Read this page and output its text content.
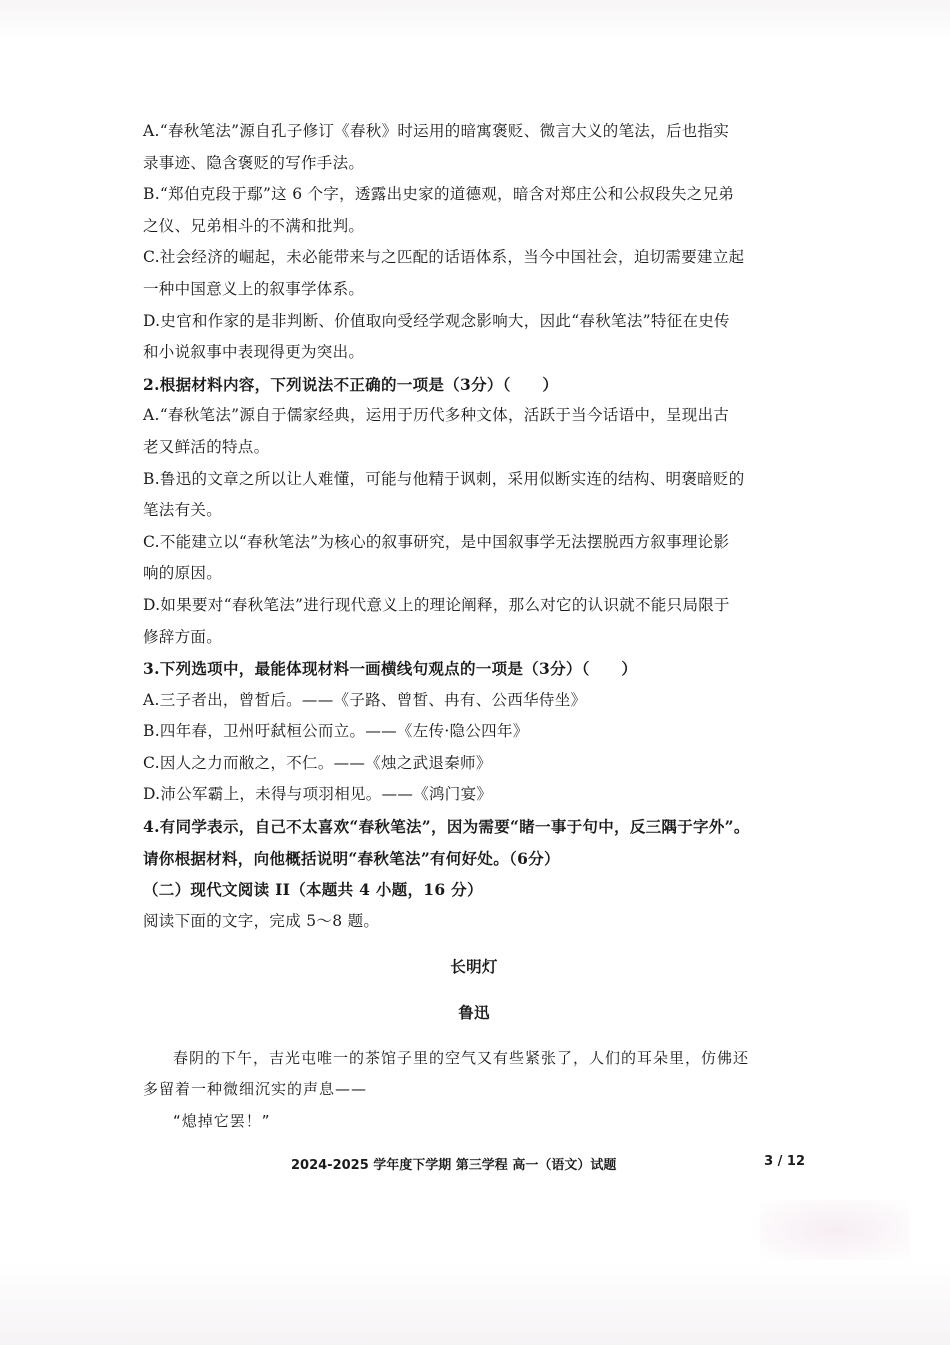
A.“春秋笔法”源自孔子修订《春秋》时运用的暗寓褒贬、微言大义的笔法，后也指实

录事迹、隐含褒贬的写作手法。

B.“郑伯克段于鄢”这 6 个字，透露出史家的道德观，暗含对郑庄公和公叔段失之兄弟

之仪、兄弟相斗的不满和批判。

C.社会经济的崛起，未必能带来与之匹配的话语体系，当今中国社会，迫切需要建立起

一种中国意义上的叙事学体系。

D.史官和作家的是非判断、价值取向受经学观念影响大，因此“春秋笔法”特征在史传

和小说叙事中表现得更为突出。

2.根据材料内容，下列说法不正确的一项是（3分）（　　）

A.“春秋笔法”源自于儒家经典，运用于历代多种文体，活跃于当今话语中，呈现出古

老又鲜活的特点。

B.鲁迅的文章之所以让人难懂，可能与他精于讽刺，采用似断实连的结构、明褒暗贬的

笔法有关。

C.不能建立以“春秋笔法”为核心的叙事研究，是中国叙事学无法摆脱西方叙事理论影

响的原因。

D.如果要对“春秋笔法”进行现代意义上的理论阐释，那么对它的认识就不能只局限于

修辞方面。

3.下列选项中，最能体现材料一画横线句观点的一项是（3分）（　　）

A.三子者出，曾皙后。——《子路、曾皙、冉有、公西华侍坐》

B.四年春，卫州吁弑桓公而立。——《左传·隐公四年》

C.因人之力而敝之，不仁。——《烛之武退秦师》

D.沛公军霸上，未得与项羽相见。——《鸿门宴》

4.有同学表示，自己不太喜欢“春秋笔法”，因为需要“睹一事于句中，反三隅于字外”。

请你根据材料，向他概括说明“春秋笔法”有何好处。（6分）

（二）现代文阅读 II（本题共 4 小题，16 分）

阅读下面的文字，完成 5～8 题。

长明灯

鲁迅

春阴的下午，吉光屯唯一的茶馆子里的空气又有些紧张了，人们的耳朵里，仿佛还

多留着一种微细沉实的声息——

“熄掉它罢！”

2024-2025 学年度下学期 第三学程 高一（语文）试题	3 / 12
